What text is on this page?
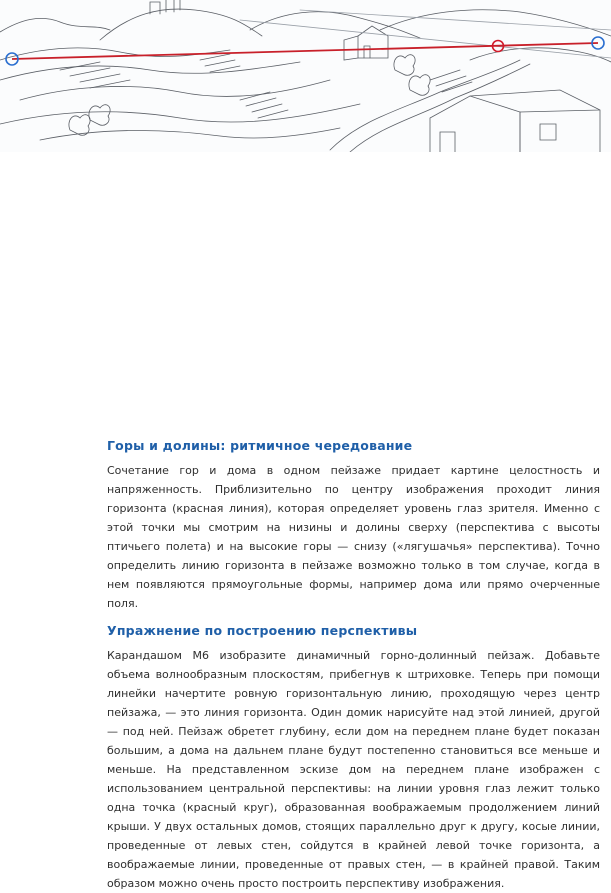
Горы и долины: ритмичное чередование

Сочетание гор и дома в одном пейзаже придает картине целостность и напряженность. Приблизительно по центру изображения проходит линия горизонта (красная линия), которая определяет уровень глаз зрителя. Именно с этой точки мы смотрим на низины и долины сверху (перспектива с высоты птичьего полета) и на высокие горы — снизу («лягушачья» перспектива). Точно определить линию горизонта в пейзаже возможно только в том случае, когда в нем появляются прямоугольные формы, например дома или прямо очерченные поля.

Упражнение по построению перспективы

Карандашом М6 изобразите динамичный горно-долинный пейзаж. Добавьте объема волнообразным плоскостям, прибегнув к штриховке. Теперь при помощи линейки начертите ровную горизонтальную линию, проходящую через центр пейзажа, — это линия горизонта. Один домик нарисуйте над этой линией, другой — под ней. Пейзаж обретет глубину, если дом на переднем плане будет показан большим, а дома на дальнем плане будут постепенно становиться все меньше и меньше. На представленном эскизе дом на переднем плане изображен с использованием центральной перспективы: на линии уровня глаз лежит только одна точка (красный круг), образованная воображаемым продолжением линий крыши. У двух остальных домов, стоящих параллельно друг к другу, косые линии, проведенные от левых стен, сойдутся в крайней левой точке горизонта, а воображаемые линии, проведенные от правых стен, — в крайней правой. Таким образом можно очень просто построить перспективу изображения.
